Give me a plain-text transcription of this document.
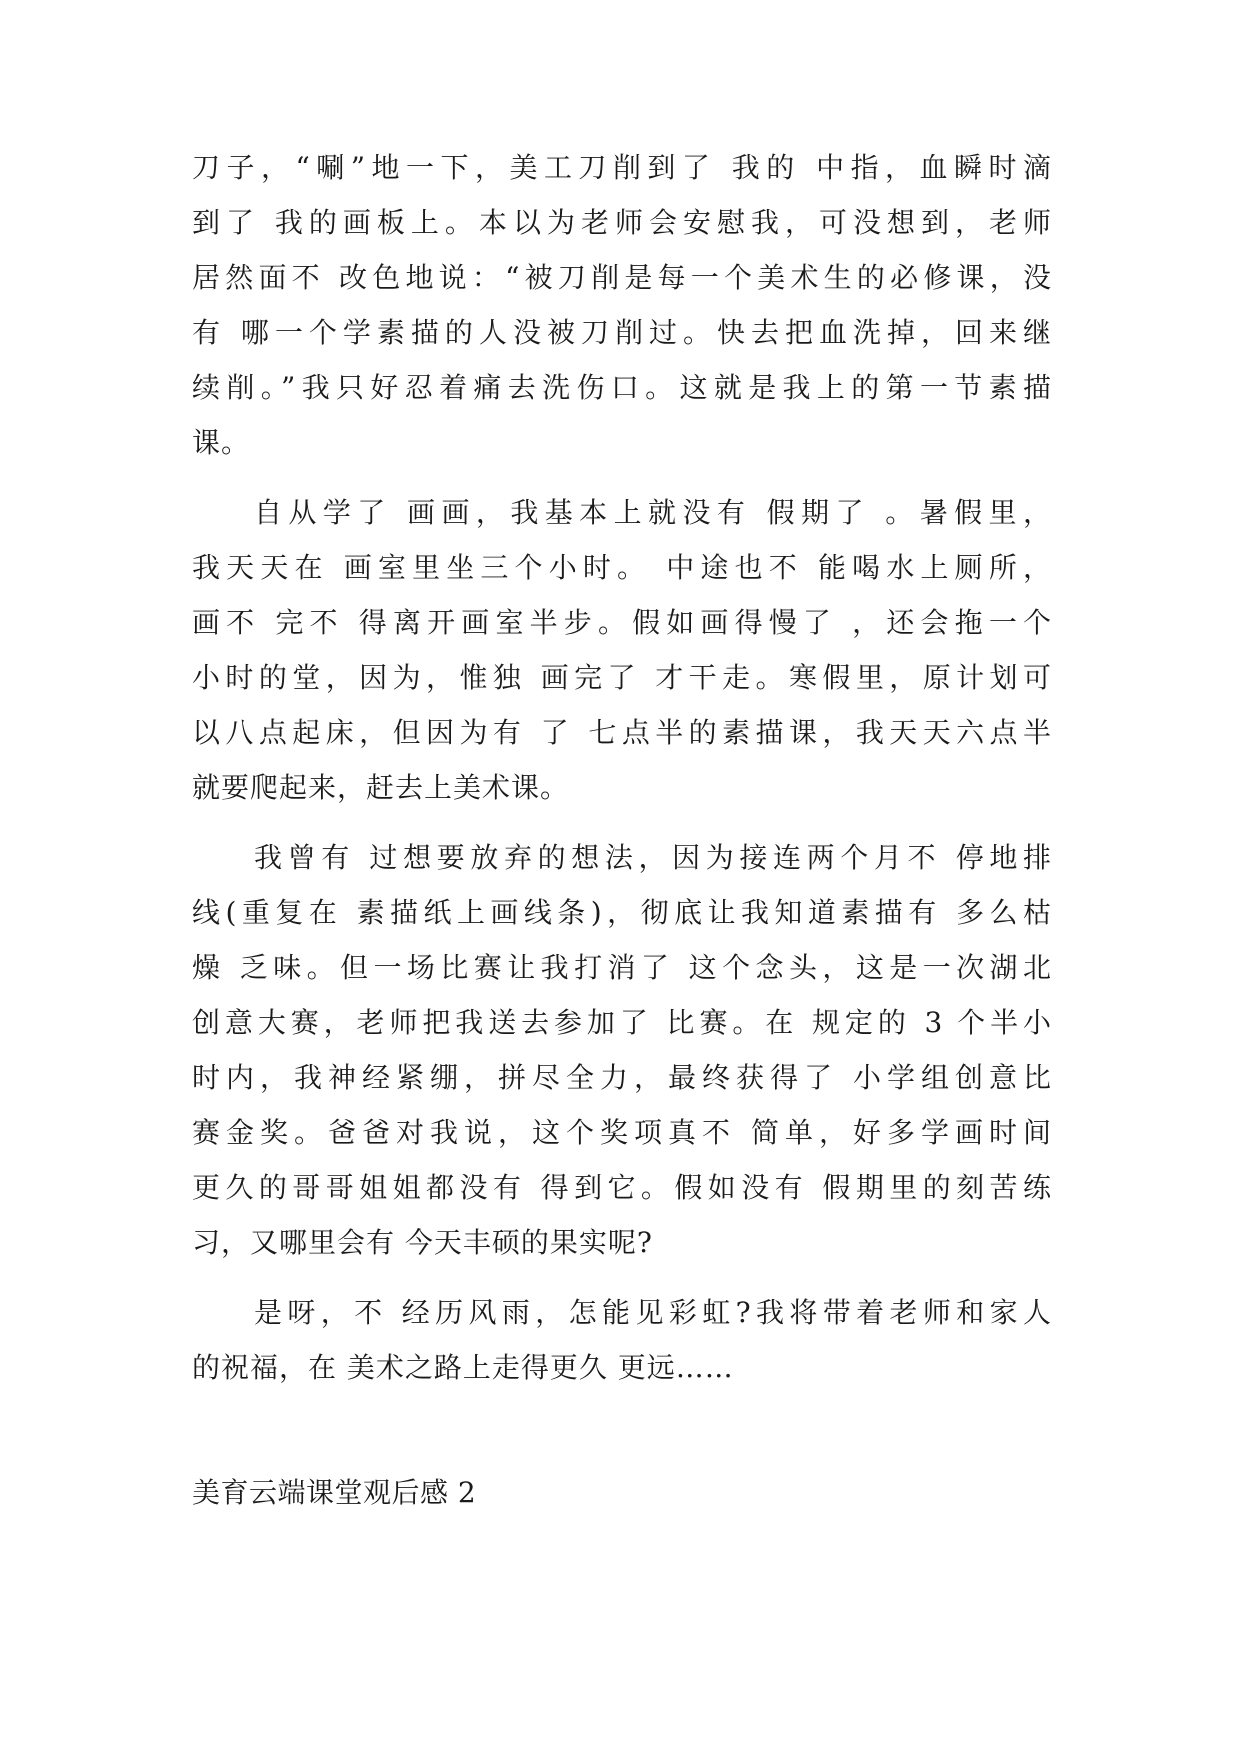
刀子，“唰”地一下，美工刀削到了 我的 中指，血瞬时滴
到了 我的画板上。本以为老师会安慰我，可没想到，老师
居然面不 改色地说：“被刀削是每一个美术生的必修课，没
有 哪一个学素描的人没被刀削过。快去把血洗掉，回来继
续削。”我只好忍着痛去洗伤口。这就是我上的第一节素描
课。
自从学了 画画，我基本上就没有 假期了 。暑假里，
我天天在 画室里坐三个小时。 中途也不 能喝水上厕所，
画不 完不 得离开画室半步。假如画得慢了 ，还会拖一个
小时的堂，因为，惟独 画完了 才干走。寒假里，原计划可
以八点起床，但因为有 了 七点半的素描课，我天天六点半
就要爬起来，赶去上美术课。
我曾有 过想要放弃的想法，因为接连两个月不 停地排
线(重复在 素描纸上画线条)，彻底让我知道素描有 多么枯
燥 乏味。但一场比赛让我打消了 这个念头，这是一次湖北
创意大赛，老师把我送去参加了 比赛。在 规定的 3 个半小
时内，我神经紧绷，拼尽全力，最终获得了 小学组创意比
赛金奖。爸爸对我说，这个奖项真不 简单，好多学画时间
更久的哥哥姐姐都没有 得到它。假如没有 假期里的刻苦练
习，又哪里会有 今天丰硕的果实呢?
是呀，不 经历风雨，怎能见彩虹?我将带着老师和家人
的祝福，在 美术之路上走得更久 更远……
美育云端课堂观后感 2
